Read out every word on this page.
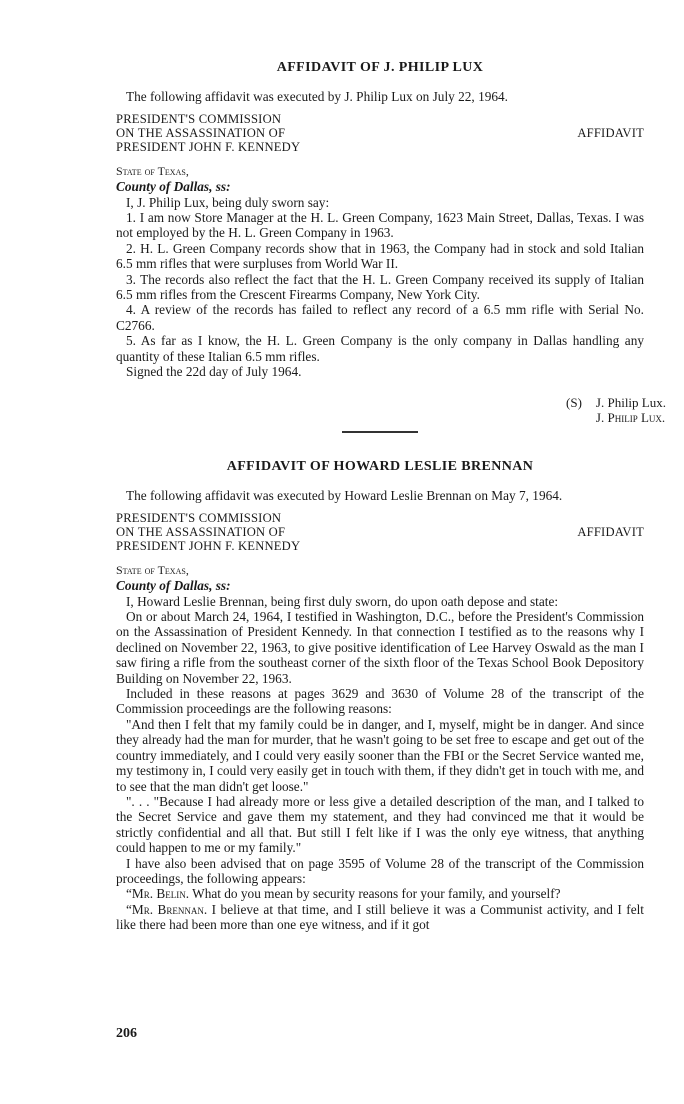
AFFIDAVIT OF J. PHILIP LUX
The following affidavit was executed by J. Philip Lux on July 22, 1964.
PRESIDENT'S COMMISSION
ON THE ASSASSINATION OF
PRESIDENT JOHN F. KENNEDY
AFFIDAVIT
State of Texas,
County of Dallas, ss:

I, J. Philip Lux, being duly sworn say:

1. I am now Store Manager at the H. L. Green Company, 1623 Main Street, Dallas, Texas. I was not employed by the H. L. Green Company in 1963.

2. H. L. Green Company records show that in 1963, the Company had in stock and sold Italian 6.5 mm rifles that were surpluses from World War II.

3. The records also reflect the fact that the H. L. Green Company received its supply of Italian 6.5 mm rifles from the Crescent Firearms Company, New York City.

4. A review of the records has failed to reflect any record of a 6.5 mm rifle with Serial No. C2766.

5. As far as I know, the H. L. Green Company is the only company in Dallas handling any quantity of these Italian 6.5 mm rifles.

Signed the 22d day of July 1964.

(S) J. Philip Lux.
J. Philip Lux.
AFFIDAVIT OF HOWARD LESLIE BRENNAN
The following affidavit was executed by Howard Leslie Brennan on May 7, 1964.
PRESIDENT'S COMMISSION
ON THE ASSASSINATION OF
PRESIDENT JOHN F. KENNEDY
AFFIDAVIT
State of Texas,
County of Dallas, ss:

I, Howard Leslie Brennan, being first duly sworn, do upon oath depose and state:

On or about March 24, 1964, I testified in Washington, D.C., before the President's Commission on the Assassination of President Kennedy. In that connection I testified as to the reasons why I declined on November 22, 1963, to give positive identification of Lee Harvey Oswald as the man I saw firing a rifle from the southeast corner of the sixth floor of the Texas School Book Depository Building on November 22, 1963.

Included in these reasons at pages 3629 and 3630 of Volume 28 of the transcript of the Commission proceedings are the following reasons:

"And then I felt that my family could be in danger, and I, myself, might be in danger. And since they already had the man for murder, that he wasn't going to be set free to escape and get out of the country immediately, and I could very easily sooner than the FBI or the Secret Service wanted me, my testimony in, I could very easily get in touch with them, if they didn't get in touch with me, and to see that the man didn't get loose."

". . . "Because I had already more or less give a detailed description of the man, and I talked to the Secret Service and gave them my statement, and they had convinced me that it would be strictly confidential and all that. But still I felt like if I was the only eye witness, that anything could happen to me or my family."

I have also been advised that on page 3595 of Volume 28 of the transcript of the Commission proceedings, the following appears:

“Mr. Belin. What do you mean by security reasons for your family, and yourself?

“Mr. Brennan. I believe at that time, and I still believe it was a Communist activity, and I felt like there had been more than one eye witness, and if it got

206
